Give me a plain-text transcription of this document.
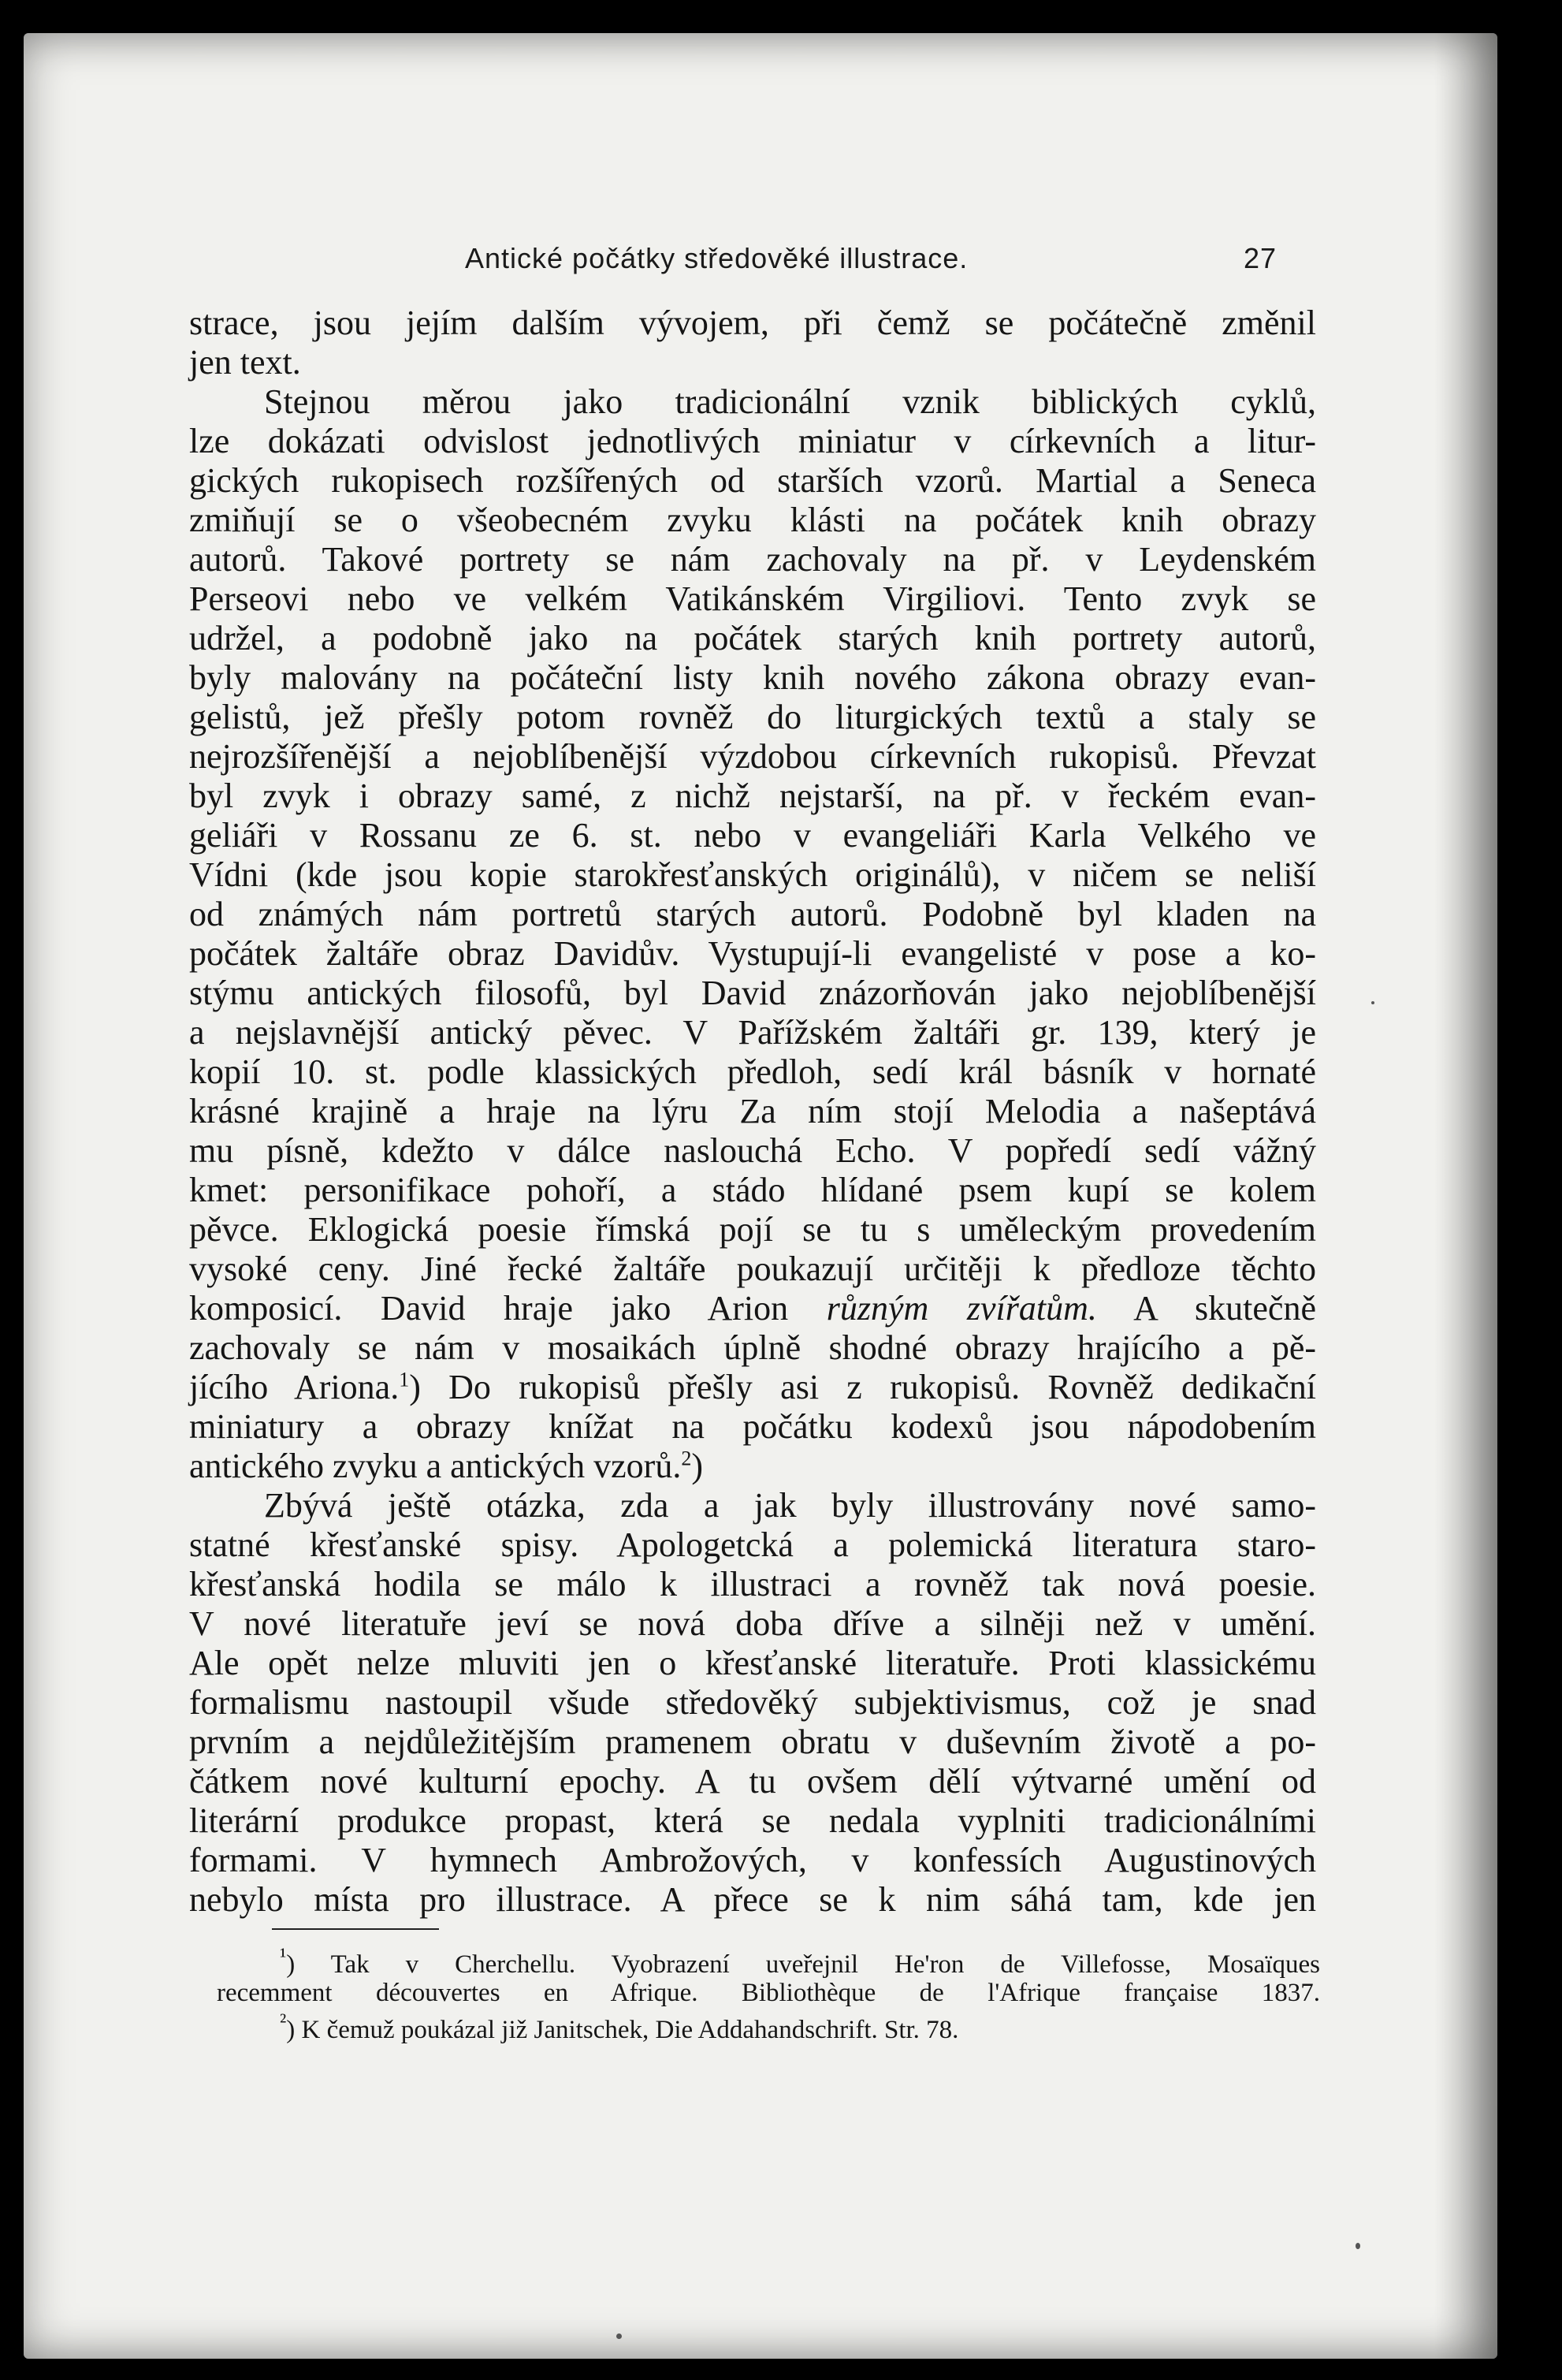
Antické počátky středověké illustrace.	27
strace, jsou jejím dalším vývojem, při čemž se počátečně změnil
jen text.
Stejnou měrou jako tradicionální vznik biblických cyklů,
lze dokázati odvislost jednotlivých miniatur v církevních a litur-
gických rukopisech rozšířených od starších vzorů. Martial a Seneca
zmiňují se o všeobecném zvyku klásti na počátek knih obrazy
autorů. Takové portrety se nám zachovaly na př. v Leydenském
Perseovi nebo ve velkém Vatikánském Virgiliovi. Tento zvyk se
udržel, a podobně jako na počátek starých knih portrety autorů,
byly malovány na počáteční listy knih nového zákona obrazy evan-
gelistů, jež přešly potom rovněž do liturgických textů a staly se
nejrozšířenější a nejoblíbenější výzdobou církevních rukopisů. Převzat
byl zvyk i obrazy samé, z nichž nejstarší, na př. v řeckém evan-
geliáři v Rossanu ze 6. st. nebo v evangeliáři Karla Velkého ve
Vídni (kde jsou kopie starokřesťanských originálů), v ničem se neliší
od známých nám portretů starých autorů. Podobně byl kladen na
počátek žaltáře obraz Davidův. Vystupují-li evangelisté v pose a ko-
stýmu antických filosofů, byl David znázorňován jako nejoblíbenější
a nejslavnější antický pěvec. V Pařížském žaltáři gr. 139, který je
kopií 10. st. podle klassických předloh, sedí král básník v hornaté
krásné krajině a hraje na lýru Za ním stojí Melodia a našeptává
mu písně, kdežto v dálce naslouchá Echo. V popředí sedí vážný
kmet: personifikace pohoří, a stádo hlídané psem kupí se kolem
pěvce. Eklogická poesie římská pojí se tu s uměleckým provedením
vysoké ceny. Jiné řecké žaltáře poukazují určitěji k předloze těchto
komposicí. David hraje jako Arion různým zvířatům. A skutečně
zachovaly se nám v mosaikách úplně shodné obrazy hrajícího a pě-
jícího Ariona.$^1$) Do rukopisů přešly asi z rukopisů. Rovněž dedikační
miniatury a obrazy knížat na počátku kodexů jsou nápodobením
antického zvyku a antických vzorů.$^2$)
Zbývá ještě otázka, zda a jak byly illustrovány nové samo-
statné křesťanské spisy. Apologetcká a polemická literatura staro-
křesťanská hodila se málo k illustraci a rovněž tak nová poesie.
V nové literatuře jeví se nová doba dříve a silněji než v umění.
Ale opět nelze mluviti jen o křesťanské literatuře. Proti klassickému
formalismu nastoupil všude středověký subjektivismus, což je snad
prvním a nejdůležitějším pramenem obratu v duševním životě a po-
čátkem nové kulturní epochy. A tu ovšem dělí výtvarné umění od
literární produkce propast, která se nedala vyplniti tradicionálními
formami. V hymnech Ambrožových, v konfessích Augustinových
nebylo místa pro illustrace. A přece se k nim sáhá tam, kde jen
$^{^1}$) Tak v Cherchellu. Vyobrazení uveřejnil He'ron de Villefosse, Mosaïques
recemment découvertes en Afrique. Bibliothèque de l'Afrique française 1837.
$^{^2}$) K čemuž poukázal již Janitschek, Die Addahandschrift. Str. 78.
